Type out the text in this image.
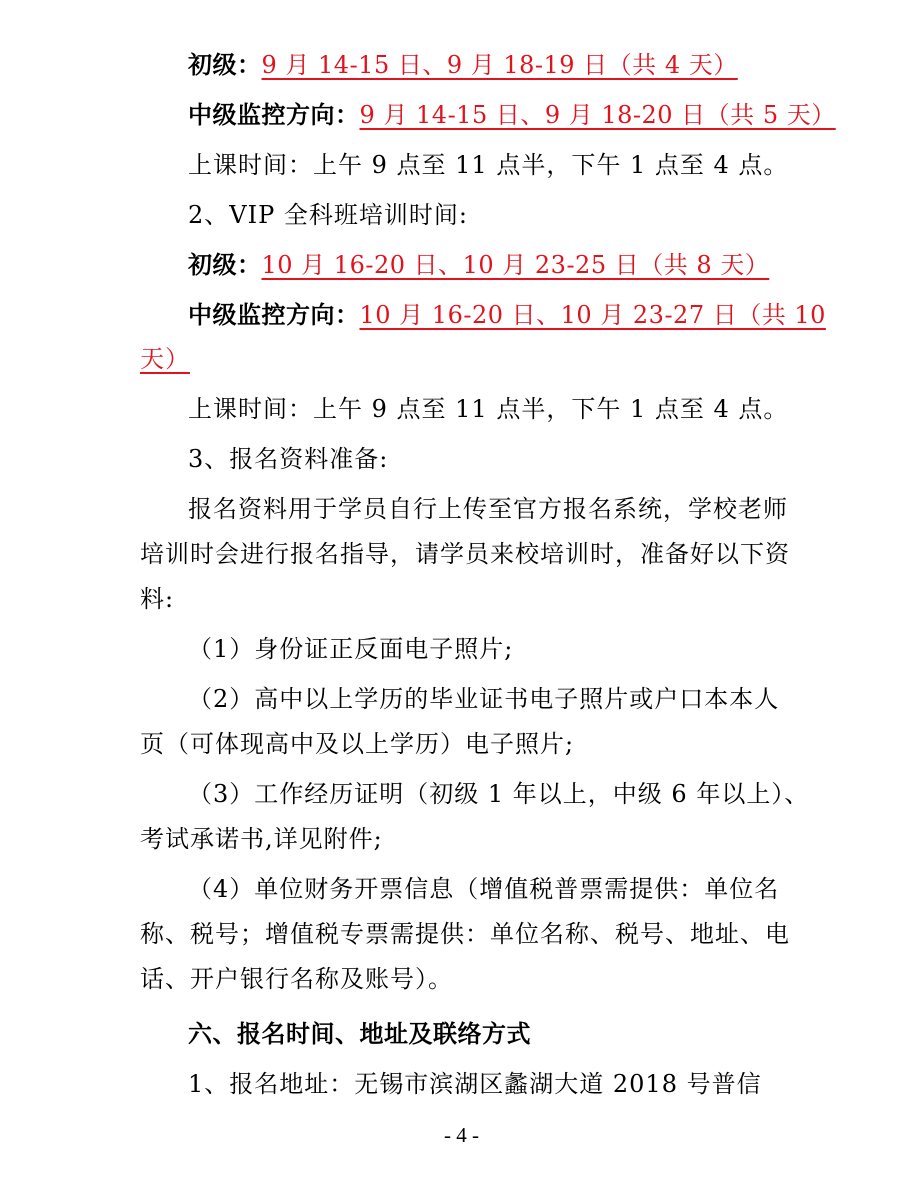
初级：9 月 14-15 日、9 月 18-19 日（共 4 天）
中级监控方向：9 月 14-15 日、9 月 18-20 日（共 5 天）
上课时间：上午 9 点至 11 点半，下午 1 点至 4 点。
2、VIP 全科班培训时间:
初级：10 月 16-20 日、10 月 23-25 日（共 8 天）
中级监控方向：10 月 16-20 日、10 月 23-27 日（共 10
天）
上课时间：上午 9 点至 11 点半，下午 1 点至 4 点。
3、报名资料准备:
报名资料用于学员自行上传至官方报名系统，学校老师
培训时会进行报名指导，请学员来校培训时，准备好以下资
料:
（1）身份证正反面电子照片;
（2）高中以上学历的毕业证书电子照片或户口本本人
页（可体现高中及以上学历）电子照片;
（3）工作经历证明（初级 1 年以上，中级 6 年以上）、
考试承诺书,详见附件;
（4）单位财务开票信息（增值税普票需提供：单位名
称、税号；增值税专票需提供：单位名称、税号、地址、电
话、开户银行名称及账号）。
六、报名时间、地址及联络方式
1、报名地址：无锡市滨湖区蠡湖大道 2018 号普信
- 4 -
